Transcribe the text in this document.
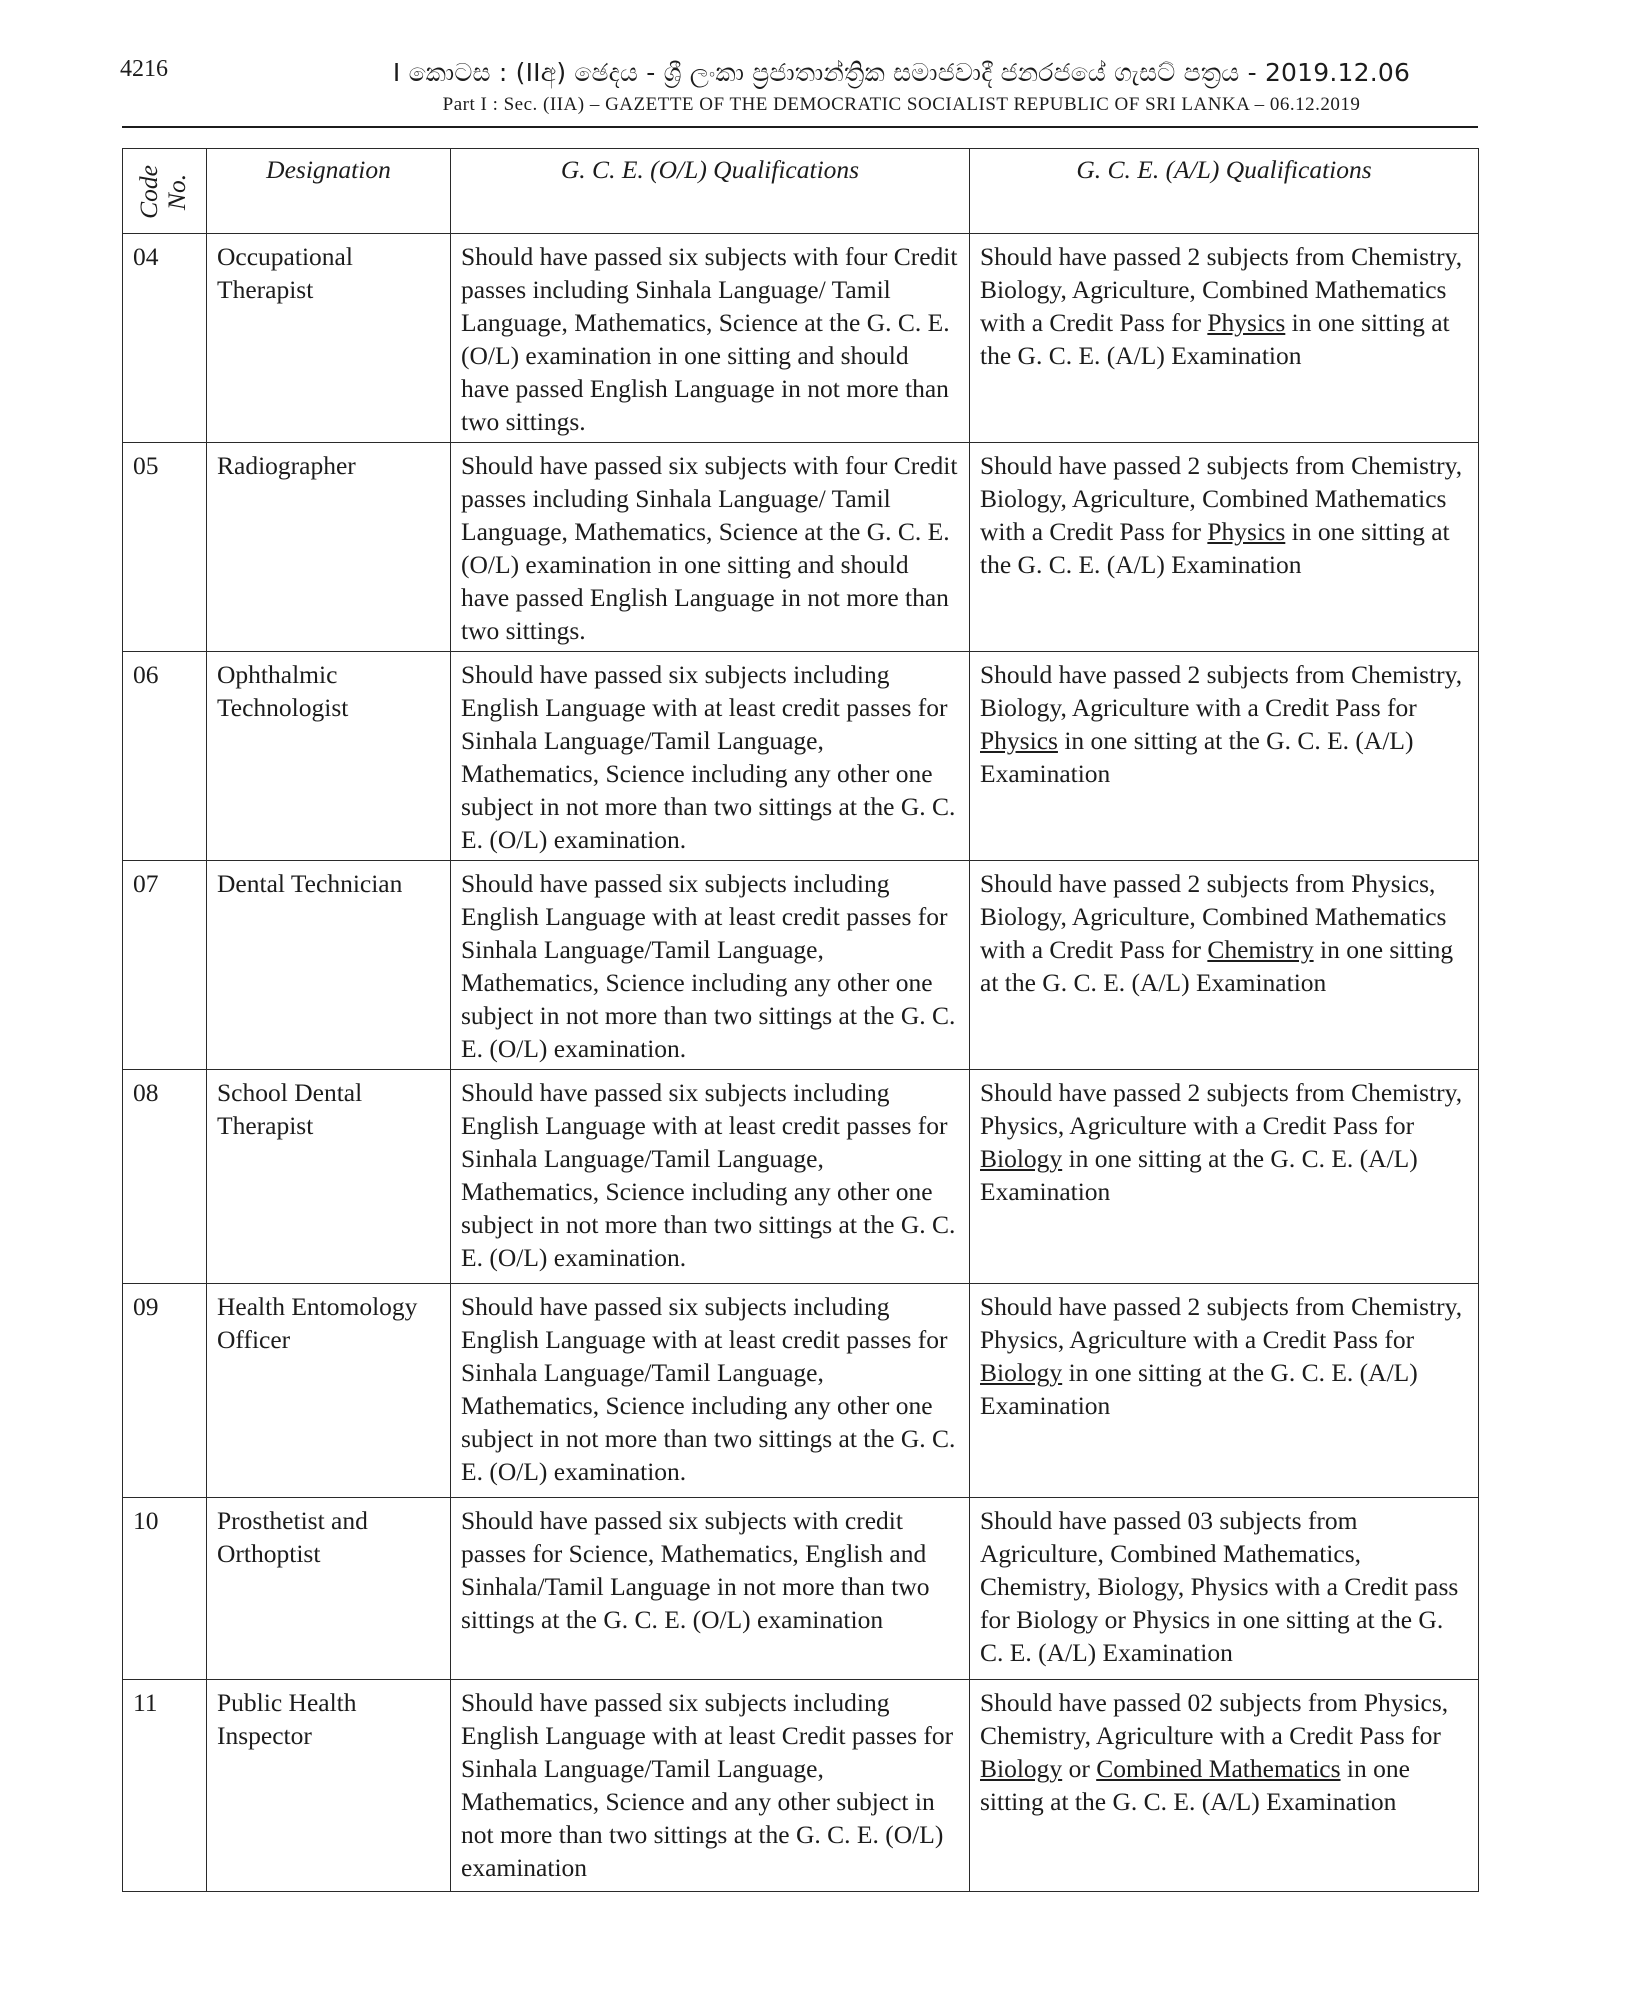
4216	I කොටස : (IIඅ) ඡෙදය - ශ්‍රී ලංකා ප්‍රජාතාන්ත්‍රික සමාජවාදී ජනරජයේ ගැසට් පත්‍රය - 2019.12.06
Part I : Sec. (IIA) – GAZETTE OF THE DEMOCRATIC SOCIALIST REPUBLIC OF SRI LANKA – 06.12.2019
Code No.	Designation	G. C. E. (O/L) Qualifications	G. C. E. (A/L) Qualifications
04	Occupational Therapist	Should have passed six subjects with four Credit passes including Sinhala Language/ Tamil Language, Mathematics, Science at the G. C. E. (O/L) examination in one sitting and should have passed English Language in not more than two sittings.	Should have passed 2 subjects from Chemistry, Biology, Agriculture, Combined Mathematics with a Credit Pass for Physics in one sitting at the G. C. E. (A/L) Examination
05	Radiographer	Should have passed six subjects with four Credit passes including Sinhala Language/ Tamil Language, Mathematics, Science at the G. C. E. (O/L) examination in one sitting and should have passed English Language in not more than two sittings.	Should have passed 2 subjects from Chemistry, Biology, Agriculture, Combined Mathematics with a Credit Pass for Physics in one sitting at the G. C. E. (A/L) Examination
06	Ophthalmic Technologist	Should have passed six subjects including English Language with at least credit passes for Sinhala Language/Tamil Language, Mathematics, Science including any other one subject in not more than two sittings at the G. C. E. (O/L) examination.	Should have passed 2 subjects from Chemistry, Biology, Agriculture with a Credit Pass for Physics in one sitting at the G. C. E. (A/L) Examination
07	Dental Technician	Should have passed six subjects including English Language with at least credit passes for Sinhala Language/Tamil Language, Mathematics, Science including any other one subject in not more than two sittings at the G. C. E. (O/L) examination.	Should have passed 2 subjects from Physics, Biology, Agriculture, Combined Mathematics with a Credit Pass for Chemistry in one sitting at the G. C. E. (A/L) Examination
08	School Dental Therapist	Should have passed six subjects including English Language with at least credit passes for Sinhala Language/Tamil Language, Mathematics, Science including any other one subject in not more than two sittings at the G. C. E. (O/L) examination.	Should have passed 2 subjects from Chemistry, Physics, Agriculture with a Credit Pass for Biology in one sitting at the G. C. E. (A/L) Examination
09	Health Entomology Officer	Should have passed six subjects including English Language with at least credit passes for Sinhala Language/Tamil Language, Mathematics, Science including any other one subject in not more than two sittings at the G. C. E. (O/L) examination.	Should have passed 2 subjects from Chemistry, Physics, Agriculture with a Credit Pass for Biology in one sitting at the G. C. E. (A/L) Examination
10	Prosthetist and Orthoptist	Should have passed six subjects with credit passes for Science, Mathematics, English and Sinhala/Tamil Language in not more than two sittings at the G. C. E. (O/L) examination	Should have passed 03 subjects from Agriculture, Combined Mathematics, Chemistry, Biology, Physics with a Credit pass for Biology or Physics in one sitting at the G. C. E. (A/L) Examination
11	Public Health Inspector	Should have passed six subjects including English Language with at least Credit passes for Sinhala Language/Tamil Language, Mathematics, Science and any other subject in not more than two sittings at the G. C. E. (O/L) examination	Should have passed 02 subjects from Physics, Chemistry, Agriculture with a Credit Pass for Biology or Combined Mathematics in one sitting at the G. C. E. (A/L) Examination
